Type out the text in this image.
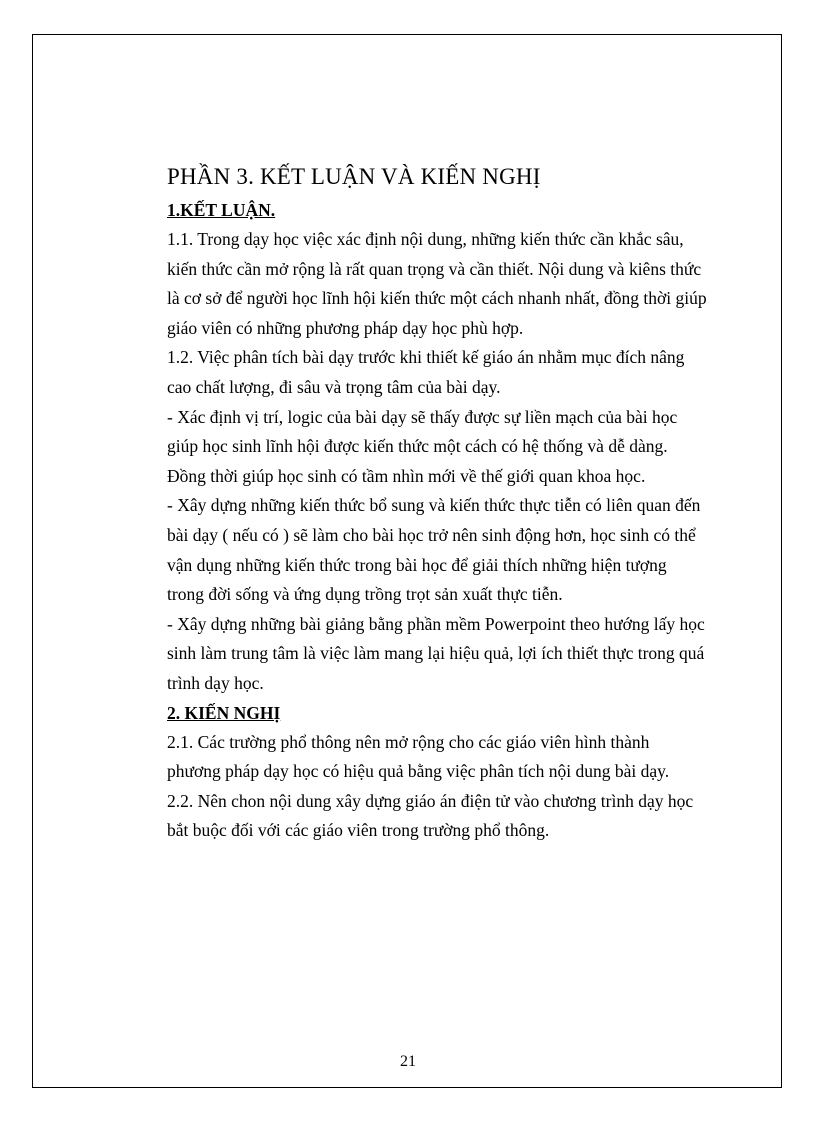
PHẦN 3. KẾT LUẬN VÀ KIẾN NGHỊ

1.KẾT LUẬN.

1.1. Trong dạy học việc xác định nội dung, những kiến thức cần khắc sâu, kiến thức cần mở rộng là rất quan trọng và cần thiết. Nội dung và kiêns thức là cơ sở để người học lĩnh hội kiến thức một cách nhanh nhất, đồng thời giúp giáo viên có những phương pháp dạy học phù hợp.

1.2. Việc phân tích bài dạy trước khi thiết kế giáo án nhằm mục đích nâng cao chất lượng, đi sâu và trọng tâm của bài dạy.

- Xác định vị trí, logic của bài dạy sẽ thấy được sự liền mạch của bài học giúp học sinh lĩnh hội được kiến thức một cách có hệ thống và dễ dàng. Đồng thời giúp học sinh có tầm nhìn mới về thế giới quan khoa học.

- Xây dựng những kiến thức bổ sung và kiến thức thực tiễn có liên quan đến bài dạy ( nếu có ) sẽ làm cho bài học trở nên sinh động hơn, học sinh có thể vận dụng những kiến thức trong bài học để giải thích những hiện tượng trong đời sống và ứng dụng trồng trọt sản xuất thực tiễn.

- Xây dựng những bài giảng bằng phần mềm Powerpoint theo hướng lấy học sinh làm trung tâm là việc làm mang lại hiệu quả, lợi ích thiết thực trong quá trình dạy học.

2. KIẾN NGHỊ

2.1. Các trường phổ thông nên mở rộng cho các giáo viên hình thành phương pháp dạy học có hiệu quả bằng việc phân tích nội dung bài dạy.

2.2. Nên chon nội dung xây dựng giáo án điện tử vào chương trình dạy học bắt buộc đối với các giáo viên trong trường phổ thông.

21
